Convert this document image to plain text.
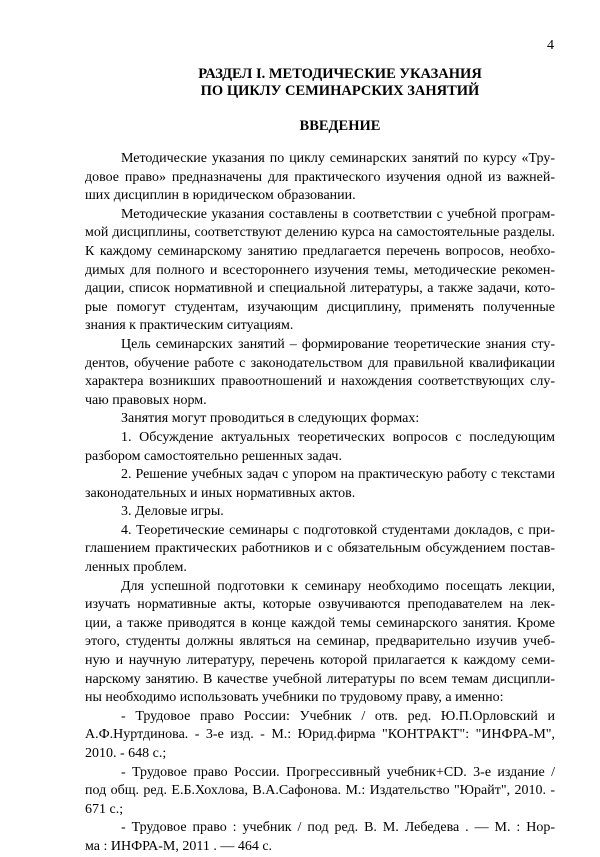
4
РАЗДЕЛ I. МЕТОДИЧЕСКИЕ УКАЗАНИЯ
ПО ЦИКЛУ СЕМИНАРСКИХ ЗАНЯТИЙ
ВВЕДЕНИЕ
Методические указания по циклу семинарских занятий по курсу «Тру-
довое право» предназначены для практического изучения одной из важней-
ших дисциплин в юридическом образовании.
Методические указания составлены в соответствии с учебной програм-
мой дисциплины, соответствуют делению курса на самостоятельные разделы.
К каждому семинарскому занятию предлагается перечень вопросов, необхо-
димых для полного и всестороннего изучения темы, методические рекомен-
дации, список нормативной и специальной литературы, а также задачи, кото-
рые помогут студентам, изучающим дисциплину, применять полученные
знания к практическим ситуациям.
Цель семинарских занятий – формирование теоретические знания сту-
дентов, обучение работе с законодательством для правильной квалификации
характера возникших правоотношений и нахождения соответствующих слу-
чаю правовых норм.
Занятия могут проводиться в следующих формах:
1. Обсуждение актуальных теоретических вопросов с последующим
разбором самостоятельно решенных задач.
2. Решение учебных задач с упором на практическую работу с текстами
законодательных и иных нормативных актов.
3. Деловые игры.
4. Теоретические семинары с подготовкой студентами докладов, с при-
глашением практических работников и с обязательным обсуждением постав-
ленных проблем.
Для успешной подготовки к семинару необходимо посещать лекции,
изучать нормативные акты, которые озвучиваются преподавателем на лек-
ции, а также приводятся в конце каждой темы семинарского занятия. Кроме
этого, студенты должны являться на семинар, предварительно изучив учеб-
ную и научную литературу, перечень которой прилагается к каждому семи-
нарскому занятию. В качестве учебной литературы по всем темам дисципли-
ны необходимо использовать учебники по трудовому праву, а именно:
- Трудовое право России: Учебник / отв. ред. Ю.П.Орловский и
А.Ф.Нуртдинова. - 3-е изд. - М.: Юрид.фирма "КОНТРАКТ": "ИНФРА-М",
2010. - 648 с.;
- Трудовое право России. Прогрессивный учебник+CD. 3-е издание /
под общ. ред. Е.Б.Хохлова, В.А.Сафонова. М.: Издательство "Юрайт", 2010. -
671 с.;
- Трудовое право : учебник / под ред. В. М. Лебедева . — М. : Нор-
ма : ИНФРА-М, 2011 . — 464 с.
